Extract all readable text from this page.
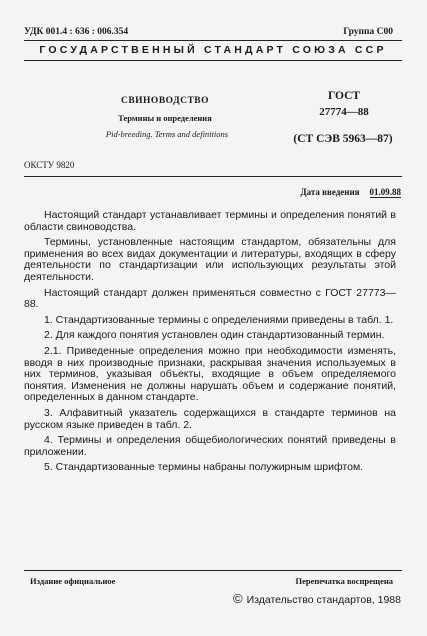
УДК 001.4 : 636 : 006.354	Группа С00
ГОСУДАРСТВЕННЫЙ СТАНДАРТ СОЮЗА ССР
СВИНОВОДСТВО
Термины и определения
Pid-breeding. Terms and definitions
ГОСТ
27774—88
(СТ СЭВ 5963—87)
ОКСТУ 9820
Дата введения 01.09.88

Настоящий стандарт устанавливает термины и определения понятий в области свиноводства.

Термины, установленные настоящим стандартом, обязательны для применения во всех видах документации и литературы, входящих в сферу деятельности по стандартизации или использующих результаты этой деятельности.

Настоящий стандарт должен применяться совместно с ГОСТ 27773—88.

1. Стандартизованные термины с определениями приведены в табл. 1.

2. Для каждого понятия установлен один стандартизованный термин.

2.1. Приведенные определения можно при необходимости изменять, вводя в них производные признаки, раскрывая значения используемых в них терминов, указывая объекты, входящие в объем определяемого понятия. Изменения не должны нарушать объем и содержание понятий, определенных в данном стандарте.

3. Алфавитный указатель содержащихся в стандарте терминов на русском языке приведен в табл. 2.

4. Термины и определения общебиологических понятий приведены в приложении.

5. Стандартизованные термины набраны полужирным шрифтом.

Издание официальное	Перепечатка воспрещена
© Издательство стандартов, 1988
